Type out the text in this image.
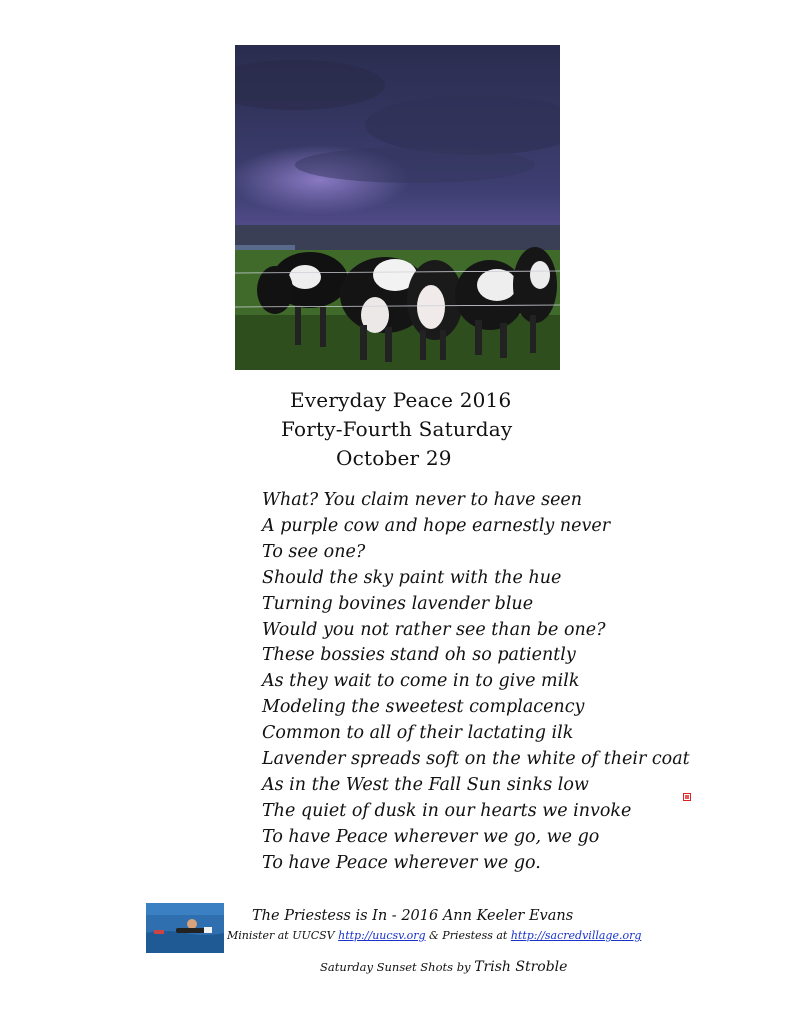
Everyday Peace 2016
Forty-Fourth Saturday
October 29
What? You claim never to have seen
A purple cow and hope earnestly never
To see one?
Should the sky paint with the hue
Turning bovines lavender blue
Would you not rather see than be one?
These bossies stand oh so patiently
As they wait to come in to give milk
Modeling the sweetest complacency
Common to all of their lactating ilk
Lavender spreads soft on the white of their coat
As in the West the Fall Sun sinks low
The quiet of dusk in our hearts we invoke
To have Peace wherever we go, we go
To have Peace wherever we go.
The Priestess is In - 2016 Ann Keeler Evans
Minister at UUCSV http://uucsv.org & Priestess at http://sacredvillage.org
Saturday Sunset Shots by Trish Stroble
